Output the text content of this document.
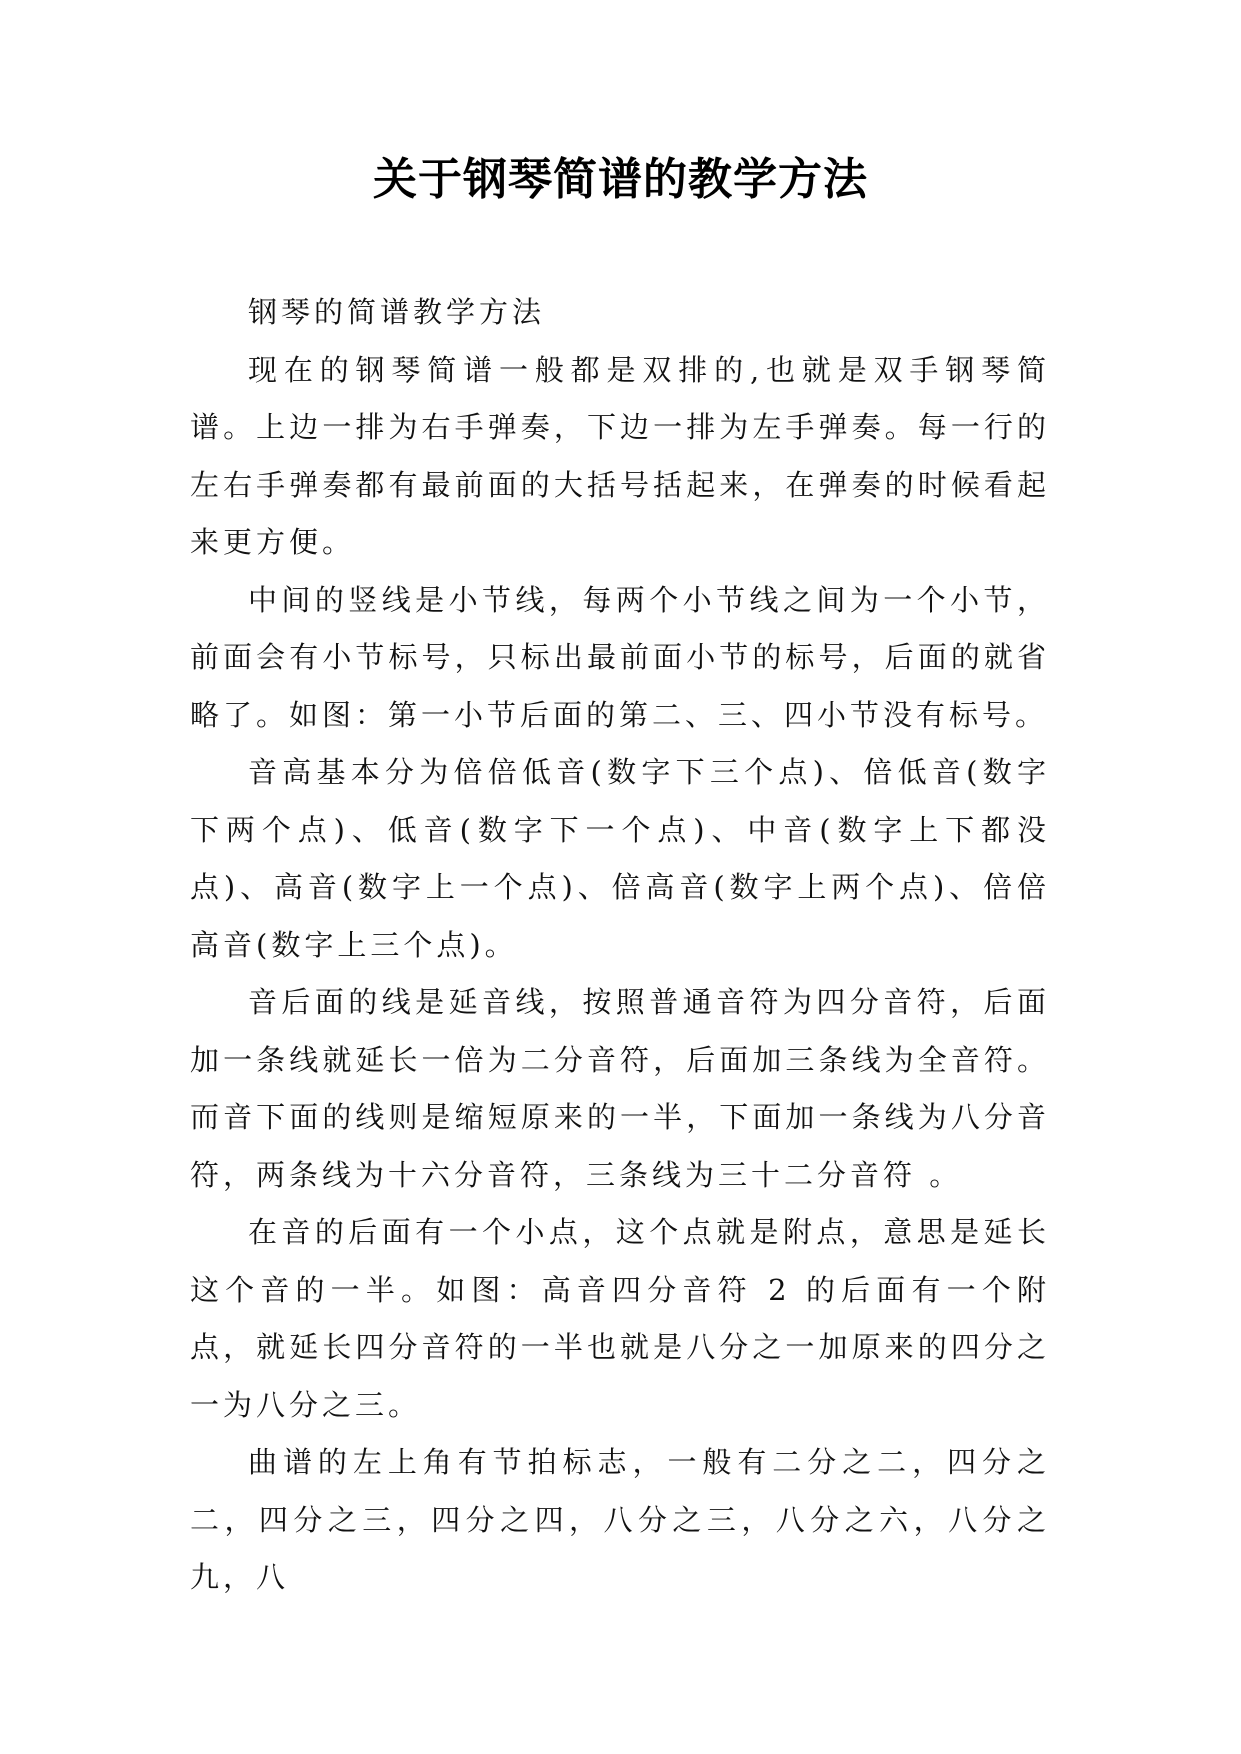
关于钢琴简谱的教学方法

钢琴的简谱教学方法

现在的钢琴简谱一般都是双排的,也就是双手钢琴简谱。上边一排为右手弹奏，下边一排为左手弹奏。每一行的左右手弹奏都有最前面的大括号括起来，在弹奏的时候看起来更方便。

中间的竖线是小节线，每两个小节线之间为一个小节，前面会有小节标号，只标出最前面小节的标号，后面的就省略了。如图：第一小节后面的第二、三、四小节没有标号。

音高基本分为倍倍低音(数字下三个点)、倍低音(数字下两个点)、低音(数字下一个点)、中音(数字上下都没点)、高音(数字上一个点)、倍高音(数字上两个点)、倍倍高音(数字上三个点)。

音后面的线是延音线，按照普通音符为四分音符，后面加一条线就延长一倍为二分音符，后面加三条线为全音符。而音下面的线则是缩短原来的一半，下面加一条线为八分音符，两条线为十六分音符，三条线为三十二分音符 。

在音的后面有一个小点，这个点就是附点，意思是延长这个音的一半。如图：高音四分音符 2 的后面有一个附点，就延长四分音符的一半也就是八分之一加原来的四分之一为八分之三。

曲谱的左上角有节拍标志，一般有二分之二，四分之二，四分之三，四分之四，八分之三，八分之六，八分之九，八
